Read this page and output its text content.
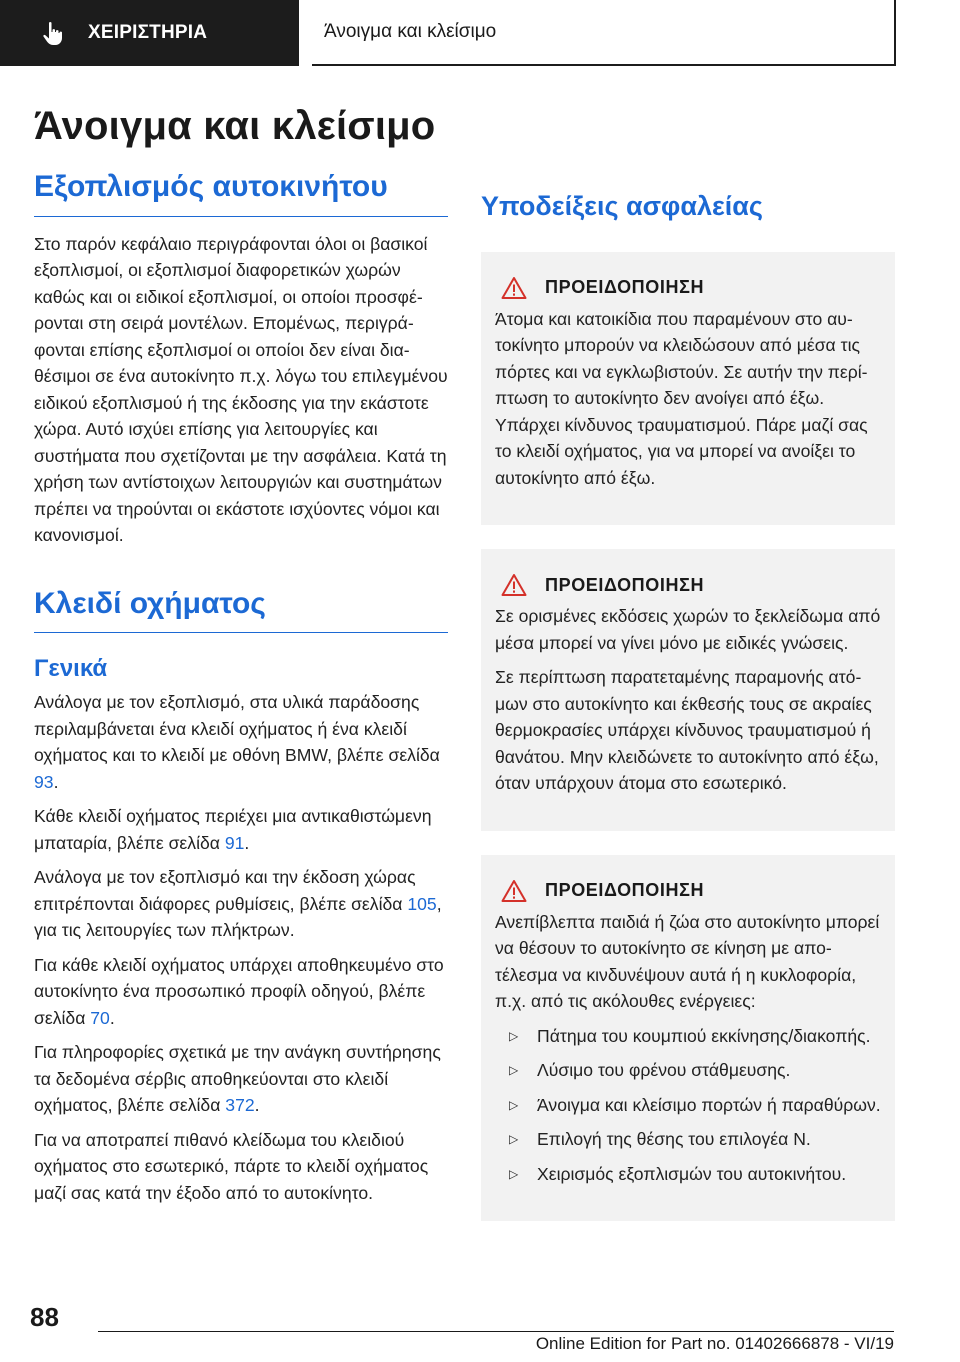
ΧΕΙΡΙΣΤΗΡΙΑ	Άνοιγμα και κλείσιμο
Άνοιγμα και κλείσιμο
Εξοπλισμός αυτοκινήτου

Στο παρόν κεφάλαιο περιγράφονται όλοι οι βασικοί εξοπλισμοί, οι εξοπλισμοί διαφορετικών χωρών καθώς και οι ειδικοί εξοπλισμοί, οι οποίοι προσφέρονται στη σειρά μοντέλων. Επομένως, περιγράφονται επίσης εξοπλισμοί οι οποίοι δεν είναι διαθέσιμοι σε ένα αυτοκίνητο π.χ. λόγω του επιλεγμένου ειδικού εξοπλισμού ή της έκδοσης για την εκάστοτε χώρα. Αυτό ισχύει επίσης για λειτουργίες και συστήματα που σχετίζονται με την ασφάλεια. Κατά τη χρήση των αντίστοιχων λειτουργιών και συστημάτων πρέπει να τηρούνται οι εκάστοτε ισχύοντες νόμοι και κανονισμοί.

Κλειδί οχήματος
Γενικά

Ανάλογα με τον εξοπλισμό, στα υλικά παράδοσης περιλαμβάνεται ένα κλειδί οχήματος ή ένα κλειδί οχήματος και το κλειδί με οθόνη BMW, βλέπε σελίδα 93.

Κάθε κλειδί οχήματος περιέχει μια αντικαθιστώμενη μπαταρία, βλέπε σελίδα 91.

Ανάλογα με τον εξοπλισμό και την έκδοση χώρας επιτρέπονται διάφορες ρυθμίσεις, βλέπε σελίδα 105, για τις λειτουργίες των πλήκτρων.

Για κάθε κλειδί οχήματος υπάρχει αποθηκευμένο στο αυτοκίνητο ένα προσωπικό προφίλ οδηγού, βλέπε σελίδα 70.

Για πληροφορίες σχετικά με την ανάγκη συντήρησης τα δεδομένα σέρβις αποθηκεύονται στο κλειδί οχήματος, βλέπε σελίδα 372.

Για να αποτραπεί πιθανό κλείδωμα του κλειδιού οχήματος στο εσωτερικό, πάρτε το κλειδί οχήματος μαζί σας κατά την έξοδο από το αυτοκίνητο.

Υποδείξεις ασφαλείας
ΠΡΟΕΙΔΟΠΟΙΗΣΗ

Άτομα και κατοικίδια που παραμένουν στο αυτοκίνητο μπορούν να κλειδώσουν από μέσα τις πόρτες και να εγκλωβιστούν. Σε αυτήν την περίπτωση το αυτοκίνητο δεν ανοίγει από έξω. Υπάρχει κίνδυνος τραυματισμού. Πάρε μαζί σας το κλειδί οχήματος, για να μπορεί να ανοίξει το αυτοκίνητο από έξω.

ΠΡΟΕΙΔΟΠΟΙΗΣΗ

Σε ορισμένες εκδόσεις χωρών το ξεκλείδωμα από μέσα μπορεί να γίνει μόνο με ειδικές γνώσεις.

Σε περίπτωση παρατεταμένης παραμονής ατόμων στο αυτοκίνητο και έκθεσής τους σε ακραίες θερμοκρασίες υπάρχει κίνδυνος τραυματισμού ή θανάτου. Μην κλειδώνετε το αυτοκίνητο από έξω, όταν υπάρχουν άτομα στο εσωτερικό.

ΠΡΟΕΙΔΟΠΟΙΗΣΗ

Ανεπίβλεπτα παιδιά ή ζώα στο αυτοκίνητο μπορεί να θέσουν το αυτοκίνητο σε κίνηση με αποτέλεσμα να κινδυνέψουν αυτά ή η κυκλοφορία, π.χ. από τις ακόλουθες ενέργειες:

▷	Πάτημα του κουμπιού εκκίνησης/διακοπής.
▷	Λύσιμο του φρένου στάθμευσης.
▷	Άνοιγμα και κλείσιμο πορτών ή παραθύρων.
▷	Επιλογή της θέσης του επιλογέα N.
▷	Χειρισμός εξοπλισμών του αυτοκινήτου.
88
Online Edition for Part no. 01402666878 - VI/19
